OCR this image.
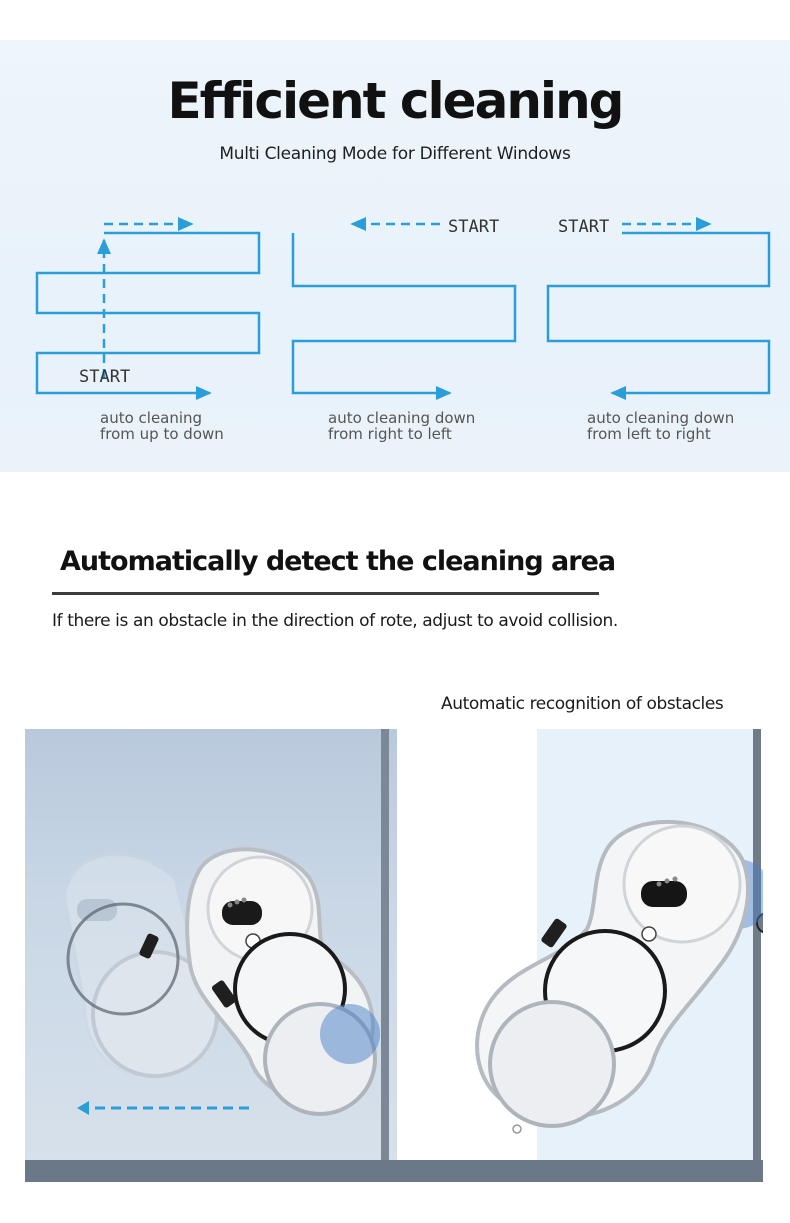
Efficient cleaning
Multi Cleaning Mode for Different Windows
START
START	START
auto cleaning
from up to down
auto cleaning down
from right to left
auto cleaning down
from left to right
Automatically detect the cleaning area
If there is an obstacle in the direction of rote, adjust to avoid collision.
Automatic recognition of obstacles
